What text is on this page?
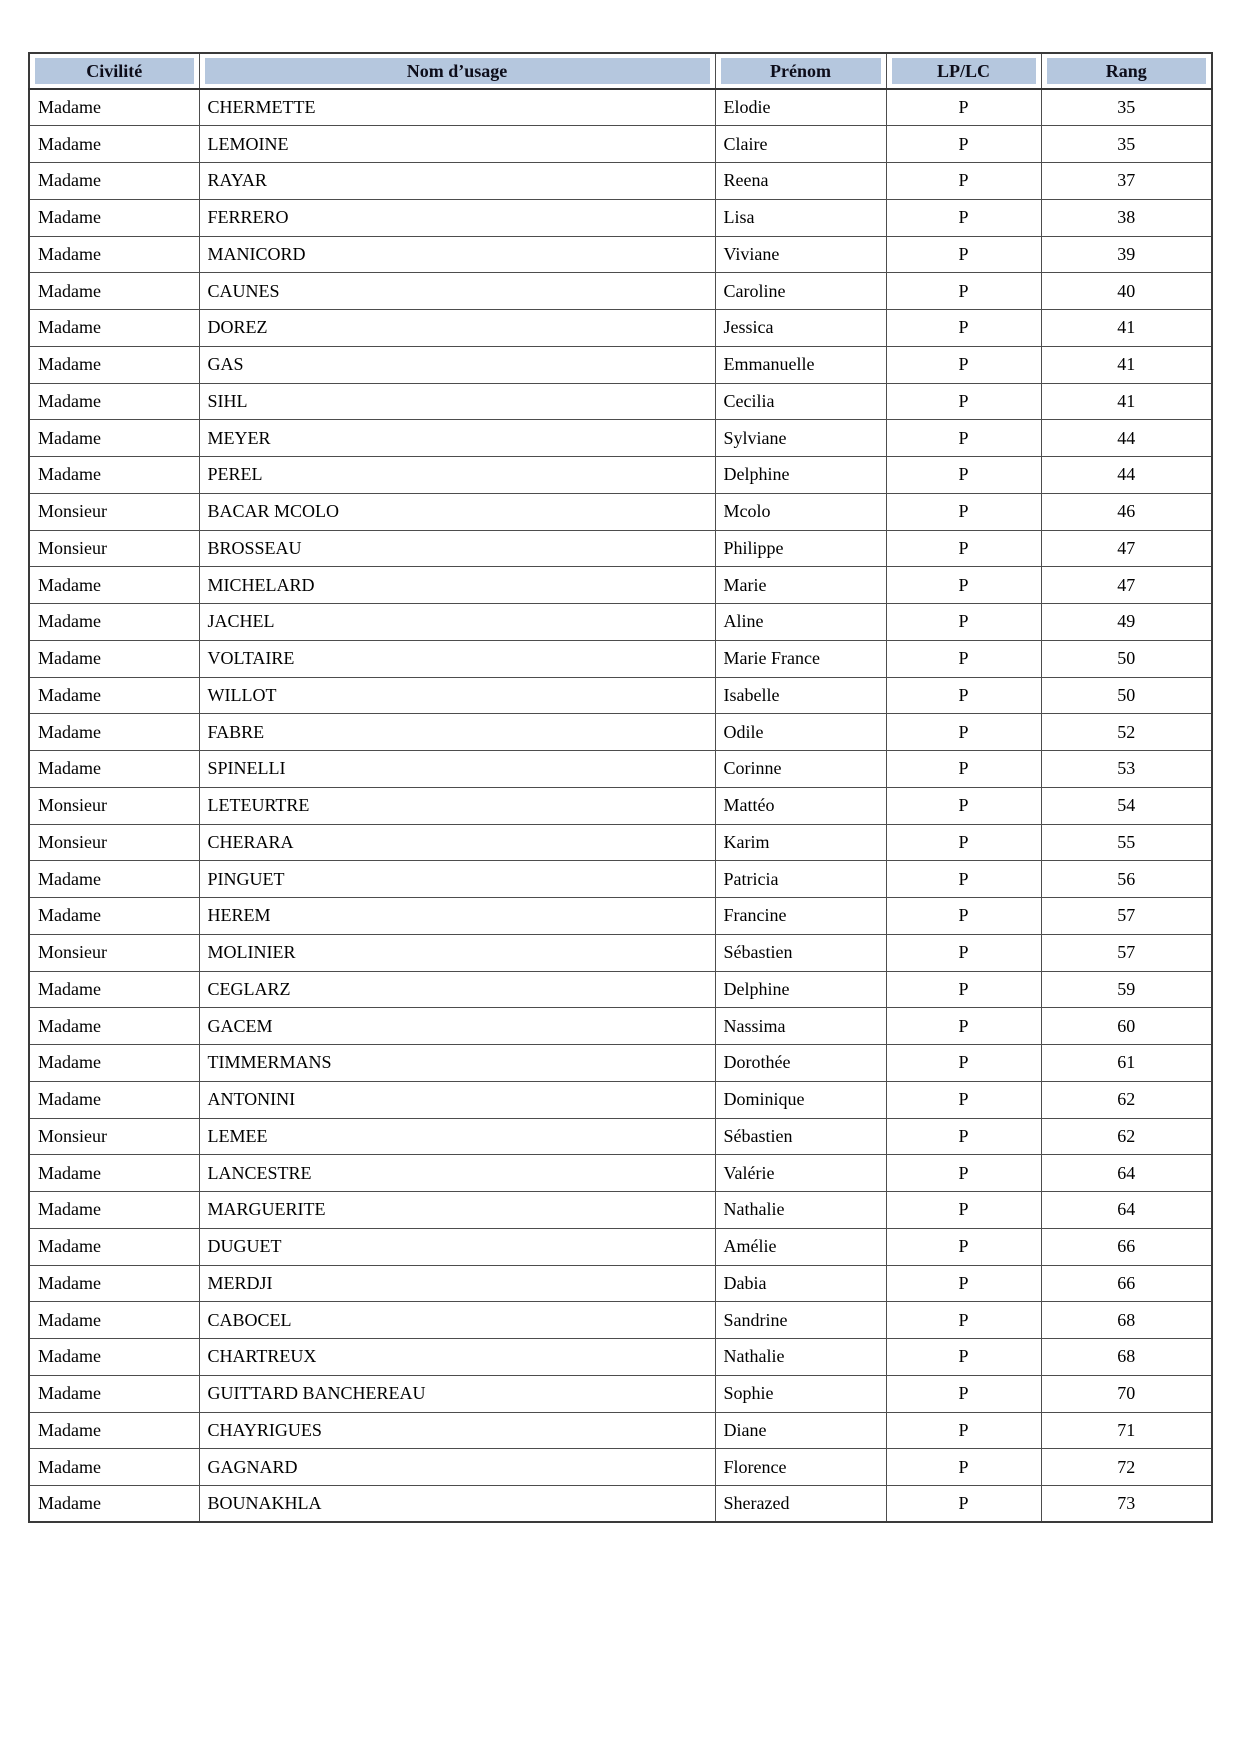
Civilité	Nom d’usage	Prénom	LP/LC	Rang

Madame	CHERMETTE	Elodie	P	35
Madame	LEMOINE	Claire	P	35
Madame	RAYAR	Reena	P	37
Madame	FERRERO	Lisa	P	38
Madame	MANICORD	Viviane	P	39
Madame	CAUNES	Caroline	P	40
Madame	DOREZ	Jessica	P	41
Madame	GAS	Emmanuelle	P	41
Madame	SIHL	Cecilia	P	41
Madame	MEYER	Sylviane	P	44
Madame	PEREL	Delphine	P	44
Monsieur	BACAR MCOLO	Mcolo	P	46
Monsieur	BROSSEAU	Philippe	P	47
Madame	MICHELARD	Marie	P	47
Madame	JACHEL	Aline	P	49
Madame	VOLTAIRE	Marie France	P	50
Madame	WILLOT	Isabelle	P	50
Madame	FABRE	Odile	P	52
Madame	SPINELLI	Corinne	P	53
Monsieur	LETEURTRE	Mattéo	P	54
Monsieur	CHERARA	Karim	P	55
Madame	PINGUET	Patricia	P	56
Madame	HEREM	Francine	P	57
Monsieur	MOLINIER	Sébastien	P	57
Madame	CEGLARZ	Delphine	P	59
Madame	GACEM	Nassima	P	60
Madame	TIMMERMANS	Dorothée	P	61
Madame	ANTONINI	Dominique	P	62
Monsieur	LEMEE	Sébastien	P	62
Madame	LANCESTRE	Valérie	P	64
Madame	MARGUERITE	Nathalie	P	64
Madame	DUGUET	Amélie	P	66
Madame	MERDJI	Dabia	P	66
Madame	CABOCEL	Sandrine	P	68
Madame	CHARTREUX	Nathalie	P	68
Madame	GUITTARD BANCHEREAU	Sophie	P	70
Madame	CHAYRIGUES	Diane	P	71
Madame	GAGNARD	Florence	P	72
Madame	BOUNAKHLA	Sherazed	P	73
